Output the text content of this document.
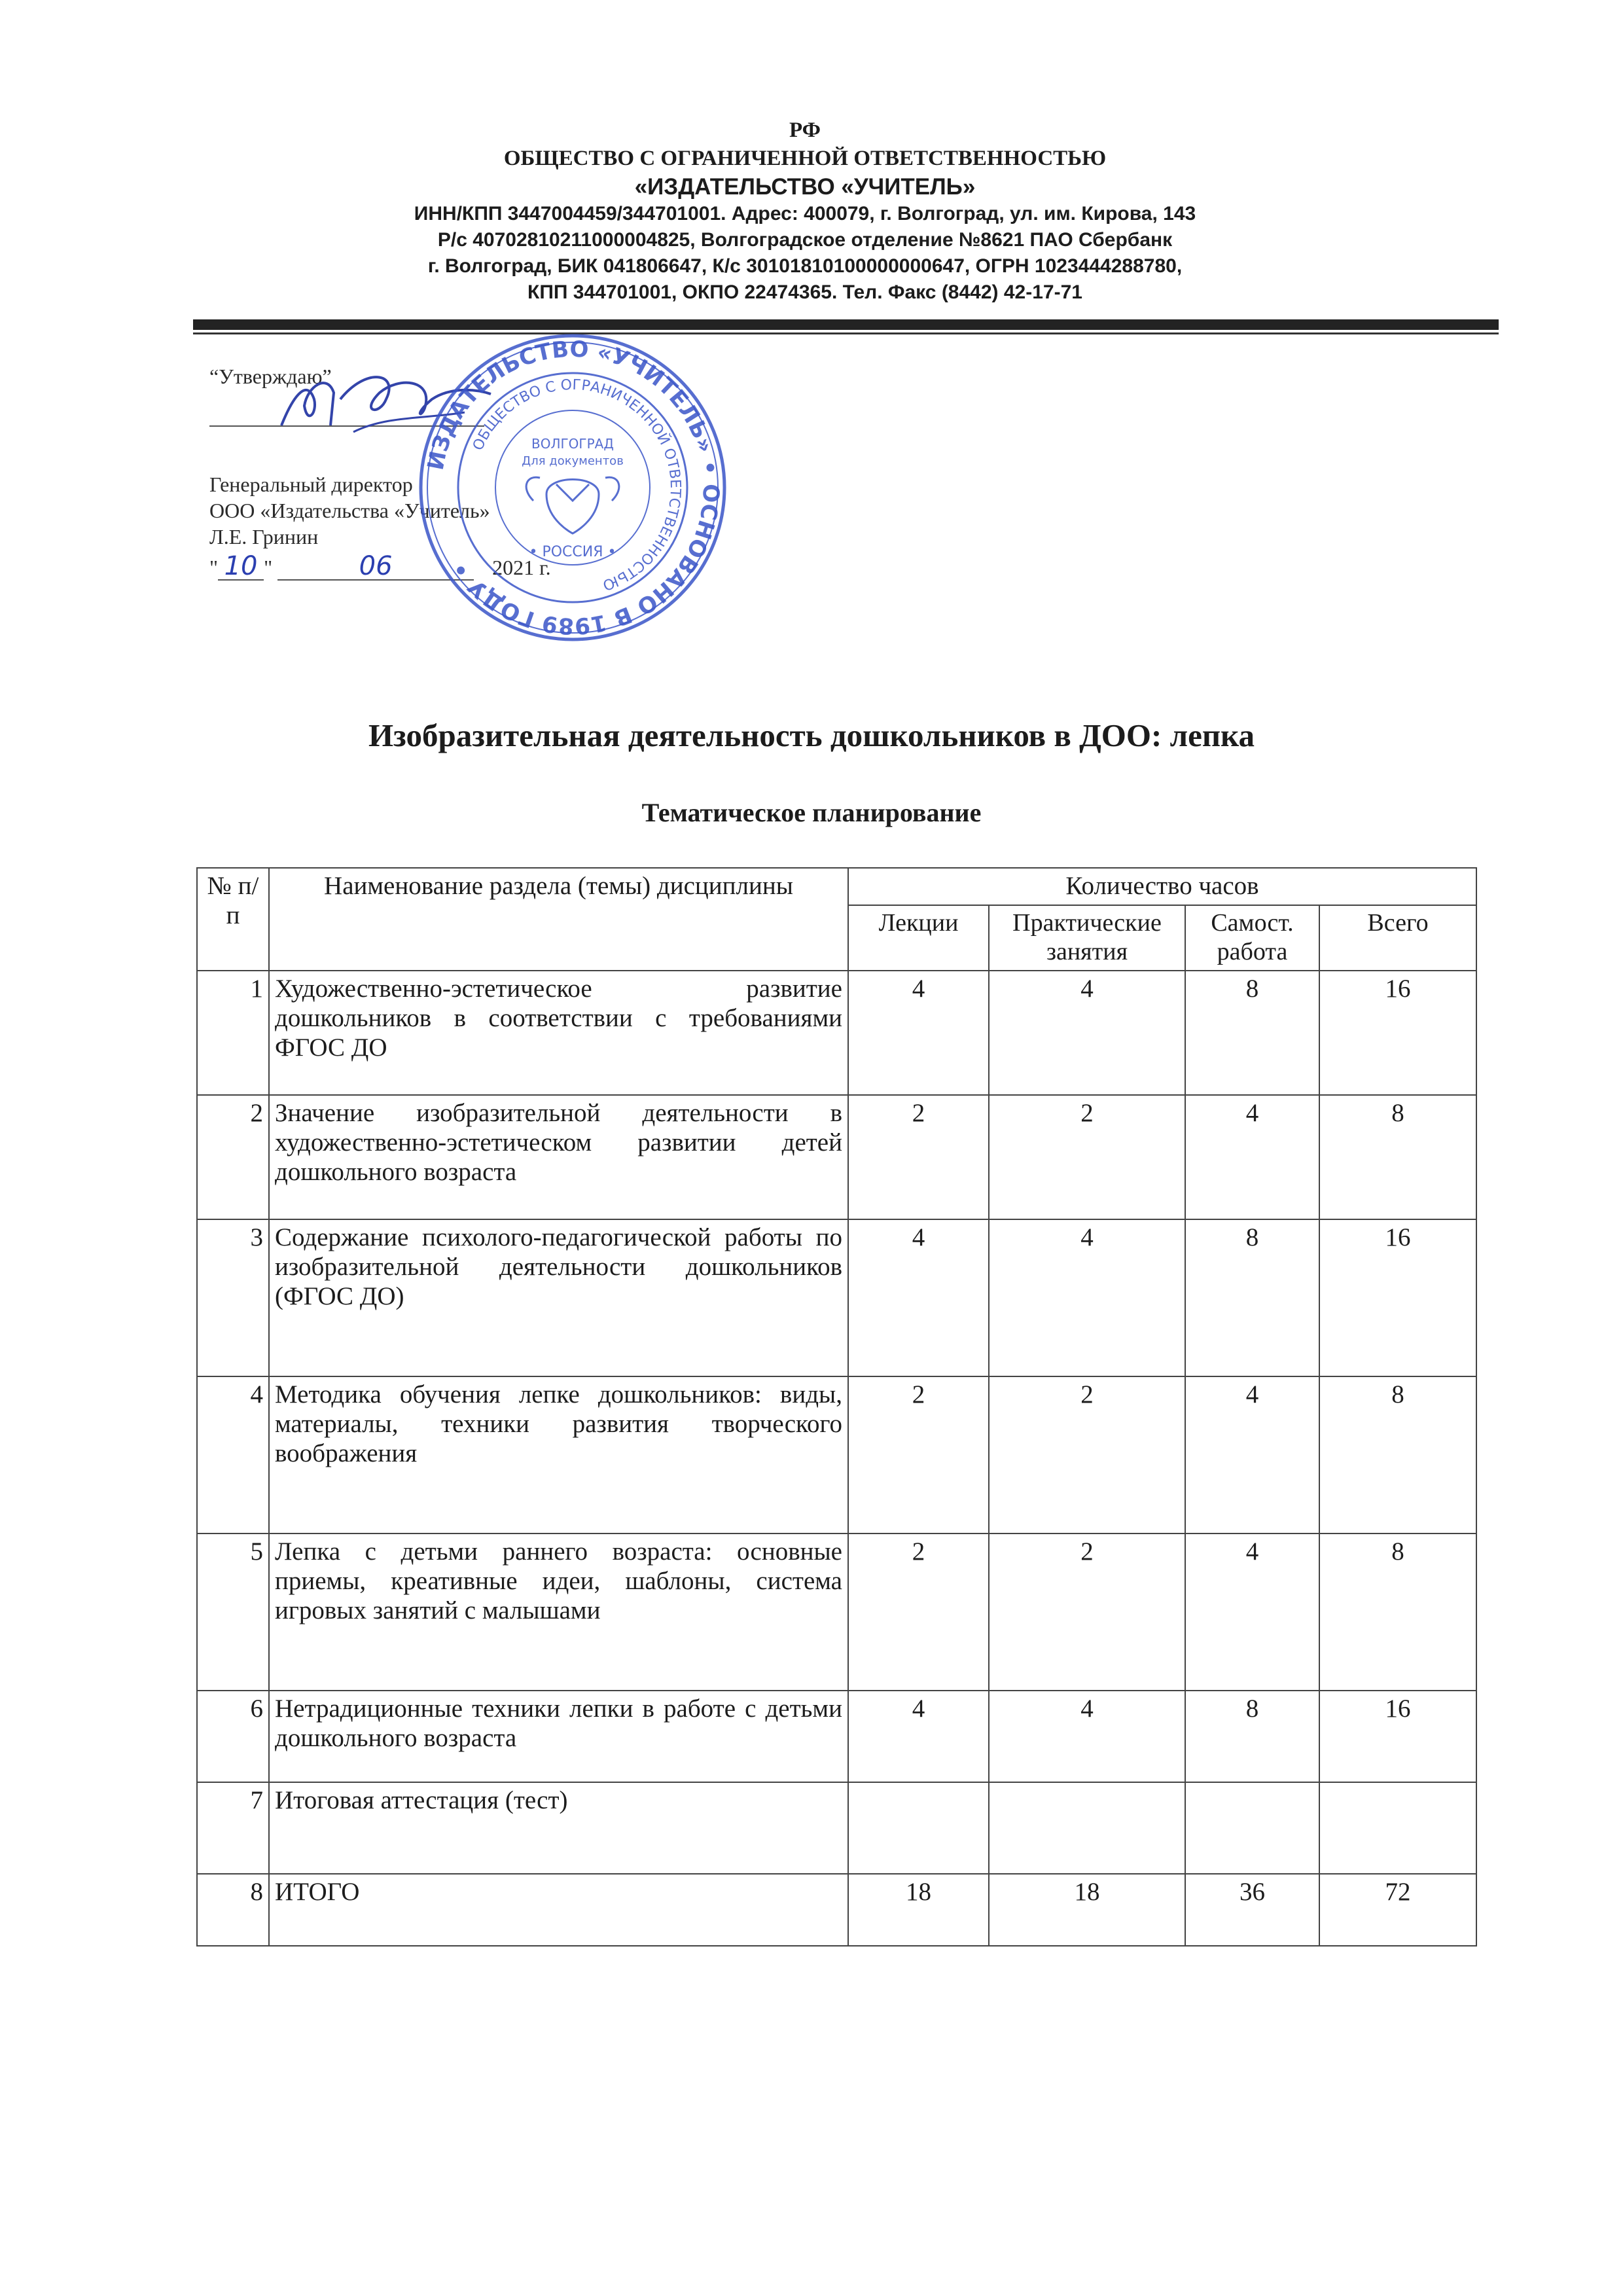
РФ
ОБЩЕСТВО С ОГРАНИЧЕННОЙ ОТВЕТСТВЕННОСТЬЮ
«ИЗДАТЕЛЬСТВО «УЧИТЕЛЬ»
ИНН/КПП 3447004459/344701001. Адрес: 400079, г. Волгоград, ул. им. Кирова, 143
Р/с 40702810211000004825, Волгоградское отделение №8621 ПАО Сбербанк
г. Волгоград, БИК 041806647, К/с 30101810100000000647, ОГРН 1023444288780,
КПП 344701001, ОКПО 22474365. Тел. Факс (8442) 42-17-71
“Утверждаю”
Генеральный директор
ООО «Издательства «Учитель»
Л.Е. Гринин
" 10 "	06	2021 г.
ИЗДАТЕЛЬСТВО «УЧИТЕЛЬ» • ОСНОВАНО В 1989 ГОДУ •
ОБЩЕСТВО С ОГРАНИЧЕННОЙ ОТВЕТСТВЕННОСТЬЮ
ВОЛГОГРАД
Для документов
• РОССИЯ •
Изобразительная деятельность дошкольников в ДОО: лепка
Тематическое планирование
№ п/п	Наименование раздела (темы) дисциплины	Количество часов			
		Лекции	Практические занятия	Самост. работа	Всего
1	Художественно-эстетическое развитие дошкольников в соответствии с требованиями ФГОС ДО	4	4	8	16
2	Значение изобразительной деятельности в художественно-эстетическом развитии детей дошкольного возраста	2	2	4	8
3	Содержание психолого-педагогической работы по изобразительной деятельности дошкольников (ФГОС ДО)	4	4	8	16
4	Методика обучения лепке дошкольников: виды, материалы, техники развития творческого воображения	2	2	4	8
5	Лепка с детьми раннего возраста: основные приемы, креативные идеи, шаблоны, система игровых занятий с малышами	2	2	4	8
6	Нетрадиционные техники лепки в работе с детьми дошкольного возраста	4	4	8	16
7	Итоговая аттестация (тест)				
8	ИТОГО	18	18	36	72
